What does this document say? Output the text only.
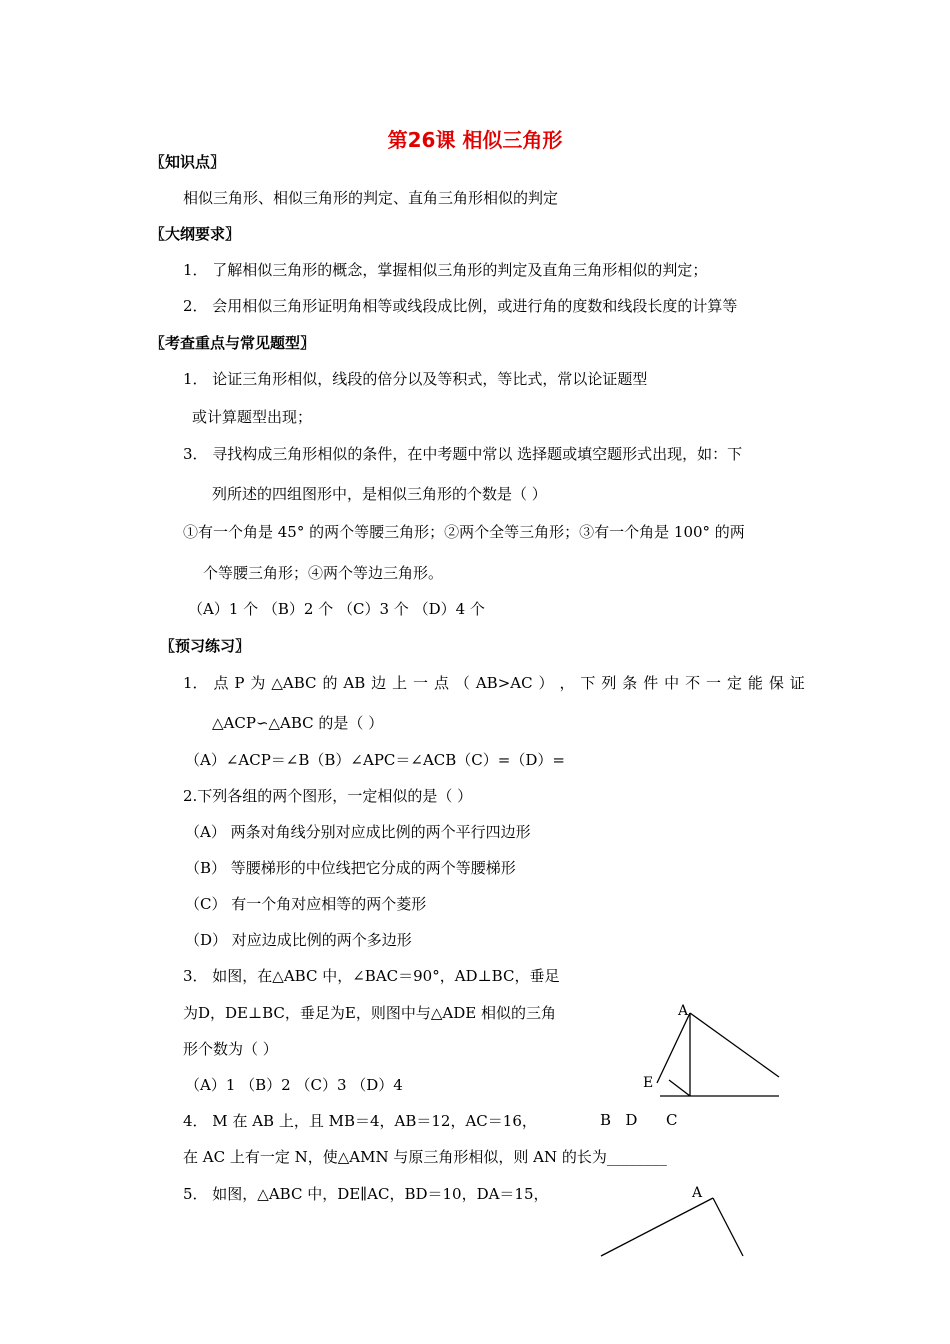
第26课 相似三角形
〖知识点〗
相似三角形、相似三角形的判定、直角三角形相似的判定
〖大纲要求〗
1． 了解相似三角形的概念，掌握相似三角形的判定及直角三角形相似的判定；
2． 会用相似三角形证明角相等或线段成比例，或进行角的度数和线段长度的计算等
〖考查重点与常见题型〗
1． 论证三角形相似，线段的倍分以及等积式，等比式，常以论证题型
或计算题型出现；
3． 寻找构成三角形相似的条件，在中考题中常以 选择题或填空题形式出现，如：下
列所述的四组图形中，是相似三角形的个数是（ ）
①有一个角是 45° 的两个等腰三角形；②两个全等三角形；③有一个角是 100° 的两
个等腰三角形；④两个等边三角形。
（A）1 个 （B）2 个 （C）3 个 （D）4 个
〖预习练习〗
1． 点 P 为 △ABC 的 AB 边 上 一 点 （ AB>AC ） ， 下 列 条 件 中 不 一 定 能 保 证
△ACP∽△ABC 的是（ ）
（A）∠ACP＝∠B（B）∠APC＝∠ACB（C）=（D）=
2.下列各组的两个图形，一定相似的是（ ）
（A） 两条对角线分别对应成比例的两个平行四边形
（B） 等腰梯形的中位线把它分成的两个等腰梯形
（C） 有一个角对应相等的两个菱形
（D） 对应边成比例的两个多边形
3． 如图，在△ABC 中，∠BAC＝90°，AD⊥BC，垂足
为D，DE⊥BC，垂足为E，则图中与△ADE 相似的三角
形个数为（ ）
（A）1 （B）2 （C）3 （D）4
4． M 在 AB 上，且 MB＝4，AB＝12，AC＝16，
在 AC 上有一定 N，使△AMN 与原三角形相似，则 AN 的长为________
5． 如图，△ABC 中，DE∥AC，BD＝10，DA＝15，
A
E
B   D      C
A
